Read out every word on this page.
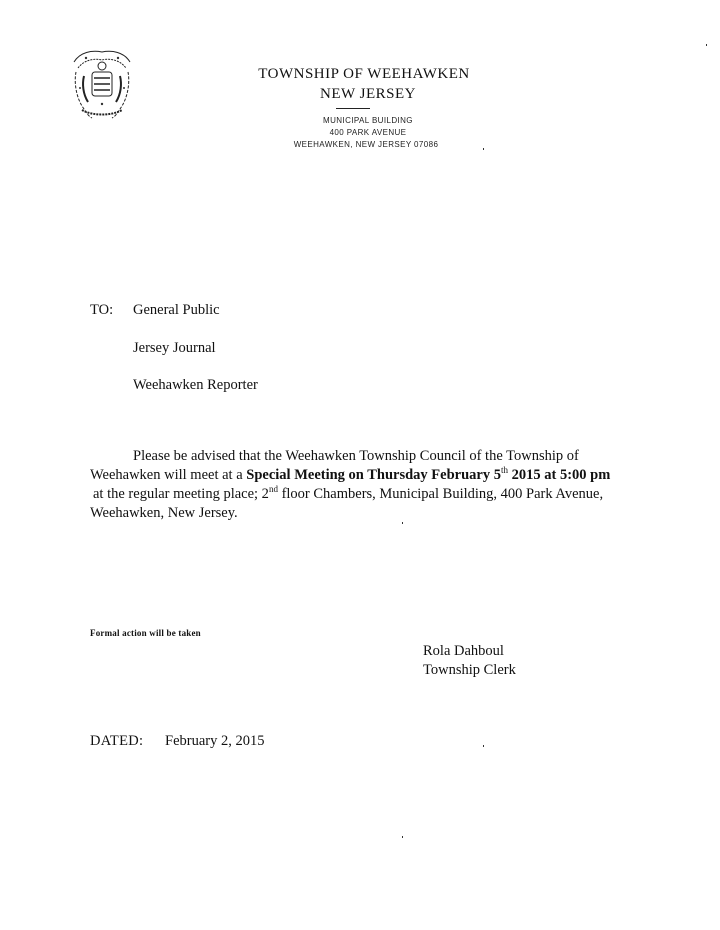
TOWNSHIP OF WEEHAWKEN
NEW JERSEY
MUNICIPAL BUILDING
400 PARK AVENUE
WEEHAWKEN, NEW JERSEY 07086
TO: General Public
Jersey Journal
Weehawken Reporter
Please be advised that the Weehawken Township Council of the Township of
Weehawken will meet at a Special Meeting on Thursday February 5th 2015 at 5:00 pm
at the regular meeting place; 2nd floor Chambers, Municipal Building, 400 Park Avenue,
Weehawken, New Jersey.
Formal action will be taken
Rola Dahboul
Township Clerk
DATED: February 2, 2015
